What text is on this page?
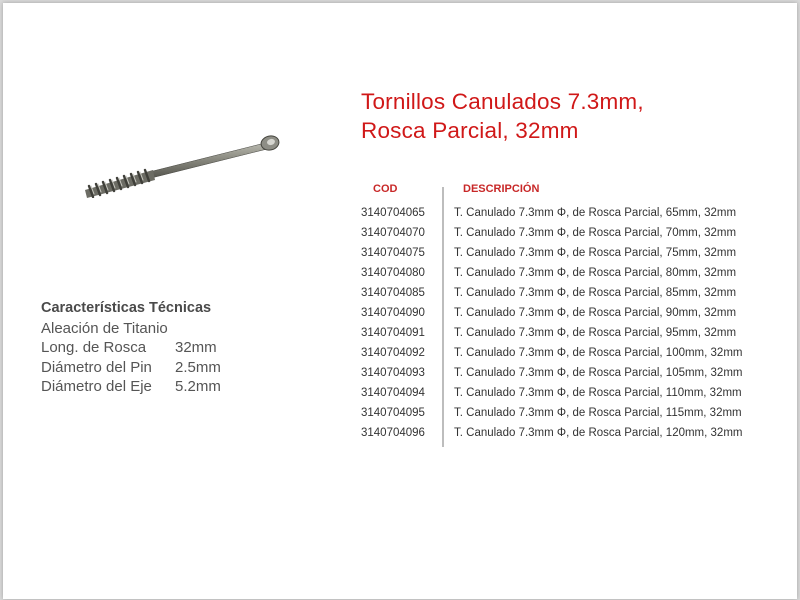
Características Técnicas
Aleación de Titanio
Long. de Rosca	32mm
Diámetro del Pin	2.5mm
Diámetro del Eje	5.2mm
Tornillos Canulados 7.3mm,
Rosca Parcial, 32mm
COD	DESCRIPCIÓN
3140704065	T. Canulado 7.3mm Φ, de Rosca Parcial, 65mm, 32mm
3140704070	T. Canulado 7.3mm Φ, de Rosca Parcial, 70mm, 32mm
3140704075	T. Canulado 7.3mm Φ, de Rosca Parcial, 75mm, 32mm
3140704080	T. Canulado 7.3mm Φ, de Rosca Parcial, 80mm, 32mm
3140704085	T. Canulado 7.3mm Φ, de Rosca Parcial, 85mm, 32mm
3140704090	T. Canulado 7.3mm Φ, de Rosca Parcial, 90mm, 32mm
3140704091	T. Canulado 7.3mm Φ, de Rosca Parcial, 95mm, 32mm
3140704092	T. Canulado 7.3mm Φ, de Rosca Parcial, 100mm, 32mm
3140704093	T. Canulado 7.3mm Φ, de Rosca Parcial, 105mm, 32mm
3140704094	T. Canulado 7.3mm Φ, de Rosca Parcial, 110mm, 32mm
3140704095	T. Canulado 7.3mm Φ, de Rosca Parcial, 115mm, 32mm
3140704096	T. Canulado 7.3mm Φ, de Rosca Parcial, 120mm, 32mm
